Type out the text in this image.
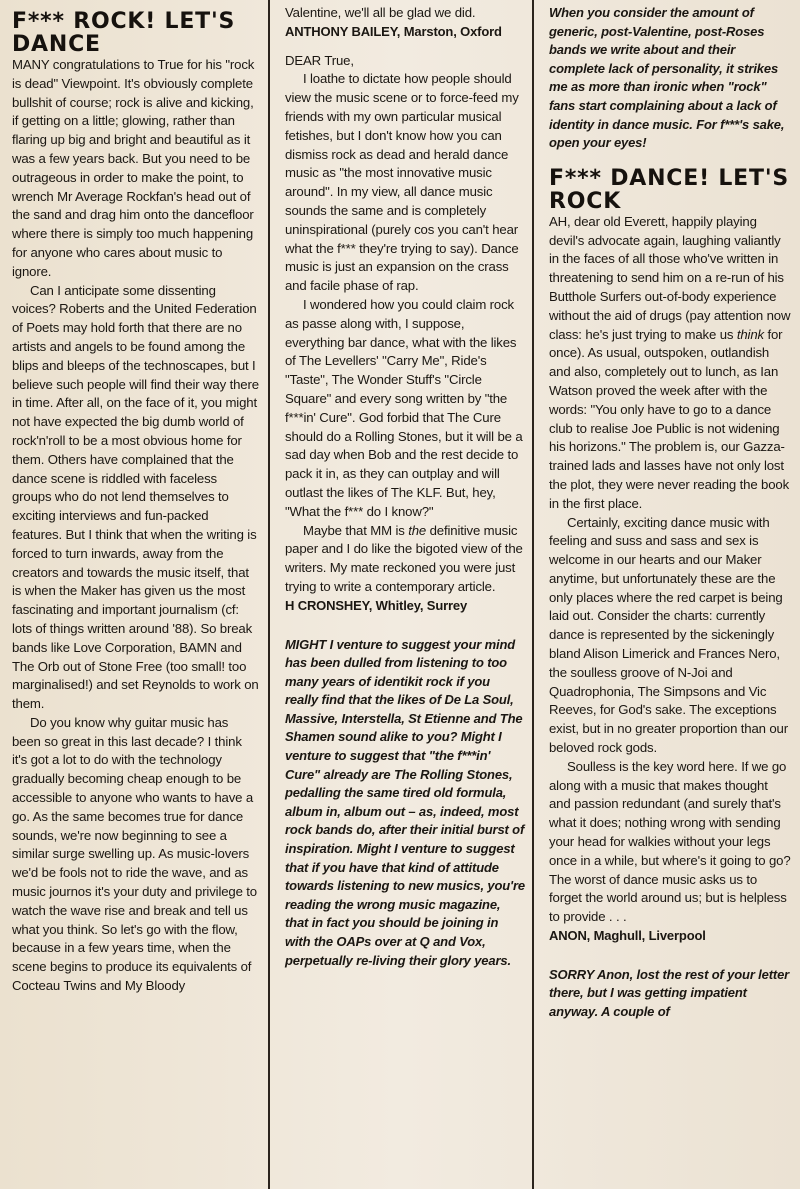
F*** ROCK! LET'S DANCE

MANY congratulations to True for his "rock is dead" Viewpoint. It's obviously complete bullshit of course; rock is alive and kicking, if getting on a little; glowing, rather than flaring up big and bright and beautiful as it was a few years back. But you need to be outrageous in order to make the point, to wrench Mr Average Rockfan's head out of the sand and drag him onto the dancefloor where there is simply too much happening for anyone who cares about music to ignore.

Can I anticipate some dissenting voices? Roberts and the United Federation of Poets may hold forth that there are no artists and angels to be found among the blips and bleeps of the technoscapes, but I believe such people will find their way there in time. After all, on the face of it, you might not have expected the big dumb world of rock'n'roll to be a most obvious home for them. Others have complained that the dance scene is riddled with faceless groups who do not lend themselves to exciting interviews and fun-packed features. But I think that when the writing is forced to turn inwards, away from the creators and towards the music itself, that is when the Maker has given us the most fascinating and important journalism (cf: lots of things written around '88). So break bands like Love Corporation, BAMN and The Orb out of Stone Free (too small! too marginalised!) and set Reynolds to work on them.

Do you know why guitar music has been so great in this last decade? I think it's got a lot to do with the technology gradually becoming cheap enough to be accessible to anyone who wants to have a go. As the same becomes true for dance sounds, we're now beginning to see a similar surge swelling up. As music-lovers we'd be fools not to ride the wave, and as music journos it's your duty and privilege to watch the wave rise and break and tell us what you think. So let's go with the flow, because in a few years time, when the scene begins to produce its equivalents of Cocteau Twins and My Bloody

Valentine, we'll all be glad we did.

ANTHONY BAILEY, Marston, Oxford

DEAR True,

I loathe to dictate how people should view the music scene or to force-feed my friends with my own particular musical fetishes, but I don't know how you can dismiss rock as dead and herald dance music as "the most innovative music around". In my view, all dance music sounds the same and is completely uninspirational (purely cos you can't hear what the f*** they're trying to say). Dance music is just an expansion on the crass and facile phase of rap.

I wondered how you could claim rock as passe along with, I suppose, everything bar dance, what with the likes of The Levellers' "Carry Me", Ride's "Taste", The Wonder Stuff's "Circle Square" and every song written by "the f***in' Cure". God forbid that The Cure should do a Rolling Stones, but it will be a sad day when Bob and the rest decide to pack it in, as they can outplay and will outlast the likes of The KLF. But, hey, "What the f*** do I know?"

Maybe that MM is the definitive music paper and I do like the bigoted view of the writers. My mate reckoned you were just trying to write a contemporary article.

H CRONSHEY, Whitley, Surrey

MIGHT I venture to suggest your mind has been dulled from listening to too many years of identikit rock if you really find that the likes of De La Soul, Massive, Interstella, St Etienne and The Shamen sound alike to you? Might I venture to suggest that "the f***in' Cure" already are The Rolling Stones, pedalling the same tired old formula, album in, album out – as, indeed, most rock bands do, after their initial burst of inspiration. Might I venture to suggest that if you have that kind of attitude towards listening to new musics, you're reading the wrong music magazine, that in fact you should be joining in with the OAPs over at Q and Vox, perpetually re-living their glory years.

When you consider the amount of generic, post-Valentine, post-Roses bands we write about and their complete lack of personality, it strikes me as more than ironic when "rock" fans start complaining about a lack of identity in dance music. For f***'s sake, open your eyes!

F*** DANCE! LET'S ROCK

AH, dear old Everett, happily playing devil's advocate again, laughing valiantly in the faces of all those who've written in threatening to send him on a re-run of his Butthole Surfers out-of-body experience without the aid of drugs (pay attention now class: he's just trying to make us think for once). As usual, outspoken, outlandish and also, completely out to lunch, as Ian Watson proved the week after with the words: "You only have to go to a dance club to realise Joe Public is not widening his horizons." The problem is, our Gazza-trained lads and lasses have not only lost the plot, they were never reading the book in the first place.

Certainly, exciting dance music with feeling and suss and sass and sex is welcome in our hearts and our Maker anytime, but unfortunately these are the only places where the red carpet is being laid out. Consider the charts: currently dance is represented by the sickeningly bland Alison Limerick and Frances Nero, the soulless groove of N-Joi and Quadrophonia, The Simpsons and Vic Reeves, for God's sake. The exceptions exist, but in no greater proportion than our beloved rock gods.

Soulless is the key word here. If we go along with a music that makes thought and passion redundant (and surely that's what it does; nothing wrong with sending your head for walkies without your legs once in a while, but where's it going to go? The worst of dance music asks us to forget the world around us; but is helpless to provide . . .

ANON, Maghull, Liverpool

SORRY Anon, lost the rest of your letter there, but I was getting impatient anyway. A couple of
